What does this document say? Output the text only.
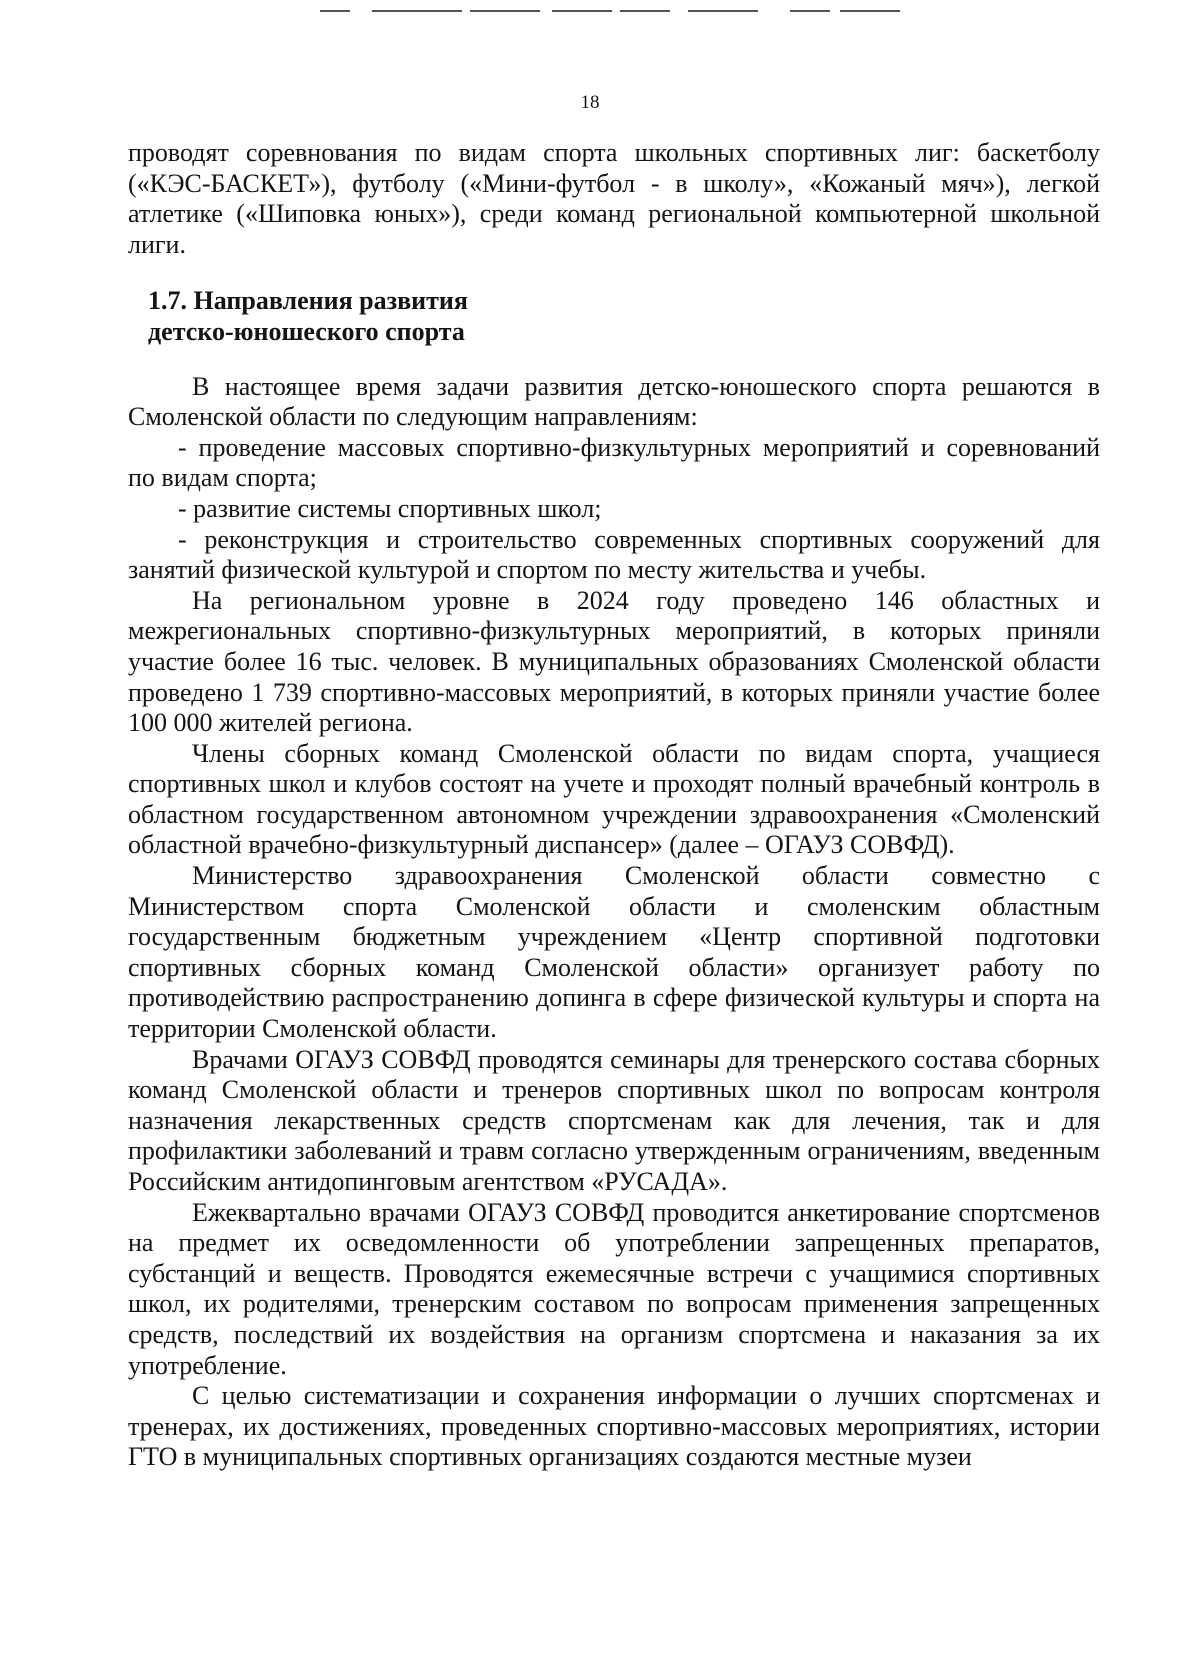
18

проводят соревнования по видам спорта школьных спортивных лиг: баскетболу («КЭС-БАСКЕТ»), футболу («Мини-футбол - в школу», «Кожаный мяч»), легкой атлетике («Шиповка юных»), среди команд региональной компьютерной школьной лиги.

1.7. Направления развития

детско-юношеского спорта

В настоящее время задачи развития детско-юношеского спорта решаются в Смоленской области по следующим направлениям:

- проведение массовых спортивно-физкультурных мероприятий и соревнований по видам спорта;

- развитие системы спортивных школ;

- реконструкция и строительство современных спортивных сооружений для занятий физической культурой и спортом по месту жительства и учебы.

На региональном уровне в 2024 году проведено 146 областных и межрегиональных спортивно-физкультурных мероприятий, в которых приняли участие более 16 тыс. человек. В муниципальных образованиях Смоленской области проведено 1 739 спортивно-массовых мероприятий, в которых приняли участие более 100 000 жителей региона.

Члены сборных команд Смоленской области по видам спорта, учащиеся спортивных школ и клубов состоят на учете и проходят полный врачебный контроль в областном государственном автономном учреждении здравоохранения «Смоленский областной врачебно-физкультурный диспансер» (далее – ОГАУЗ СОВФД).

Министерство здравоохранения Смоленской области совместно с Министерством спорта Смоленской области и смоленским областным государственным бюджетным учреждением «Центр спортивной подготовки спортивных сборных команд Смоленской области» организует работу по противодействию распространению допинга в сфере физической культуры и спорта на территории Смоленской области.

Врачами ОГАУЗ СОВФД проводятся семинары для тренерского состава сборных команд Смоленской области и тренеров спортивных школ по вопросам контроля назначения лекарственных средств спортсменам как для лечения, так и для профилактики заболеваний и травм согласно утвержденным ограничениям, введенным Российским антидопинговым агентством «РУСАДА».

Ежеквартально врачами ОГАУЗ СОВФД проводится анкетирование спортсменов на предмет их осведомленности об употреблении запрещенных препаратов, субстанций и веществ. Проводятся ежемесячные встречи с учащимися спортивных школ, их родителями, тренерским составом по вопросам применения запрещенных средств, последствий их воздействия на организм спортсмена и наказания за их употребление.

С целью систематизации и сохранения информации о лучших спортсменах и тренерах, их достижениях, проведенных спортивно-массовых мероприятиях, истории ГТО в муниципальных спортивных организациях создаются местные музеи
